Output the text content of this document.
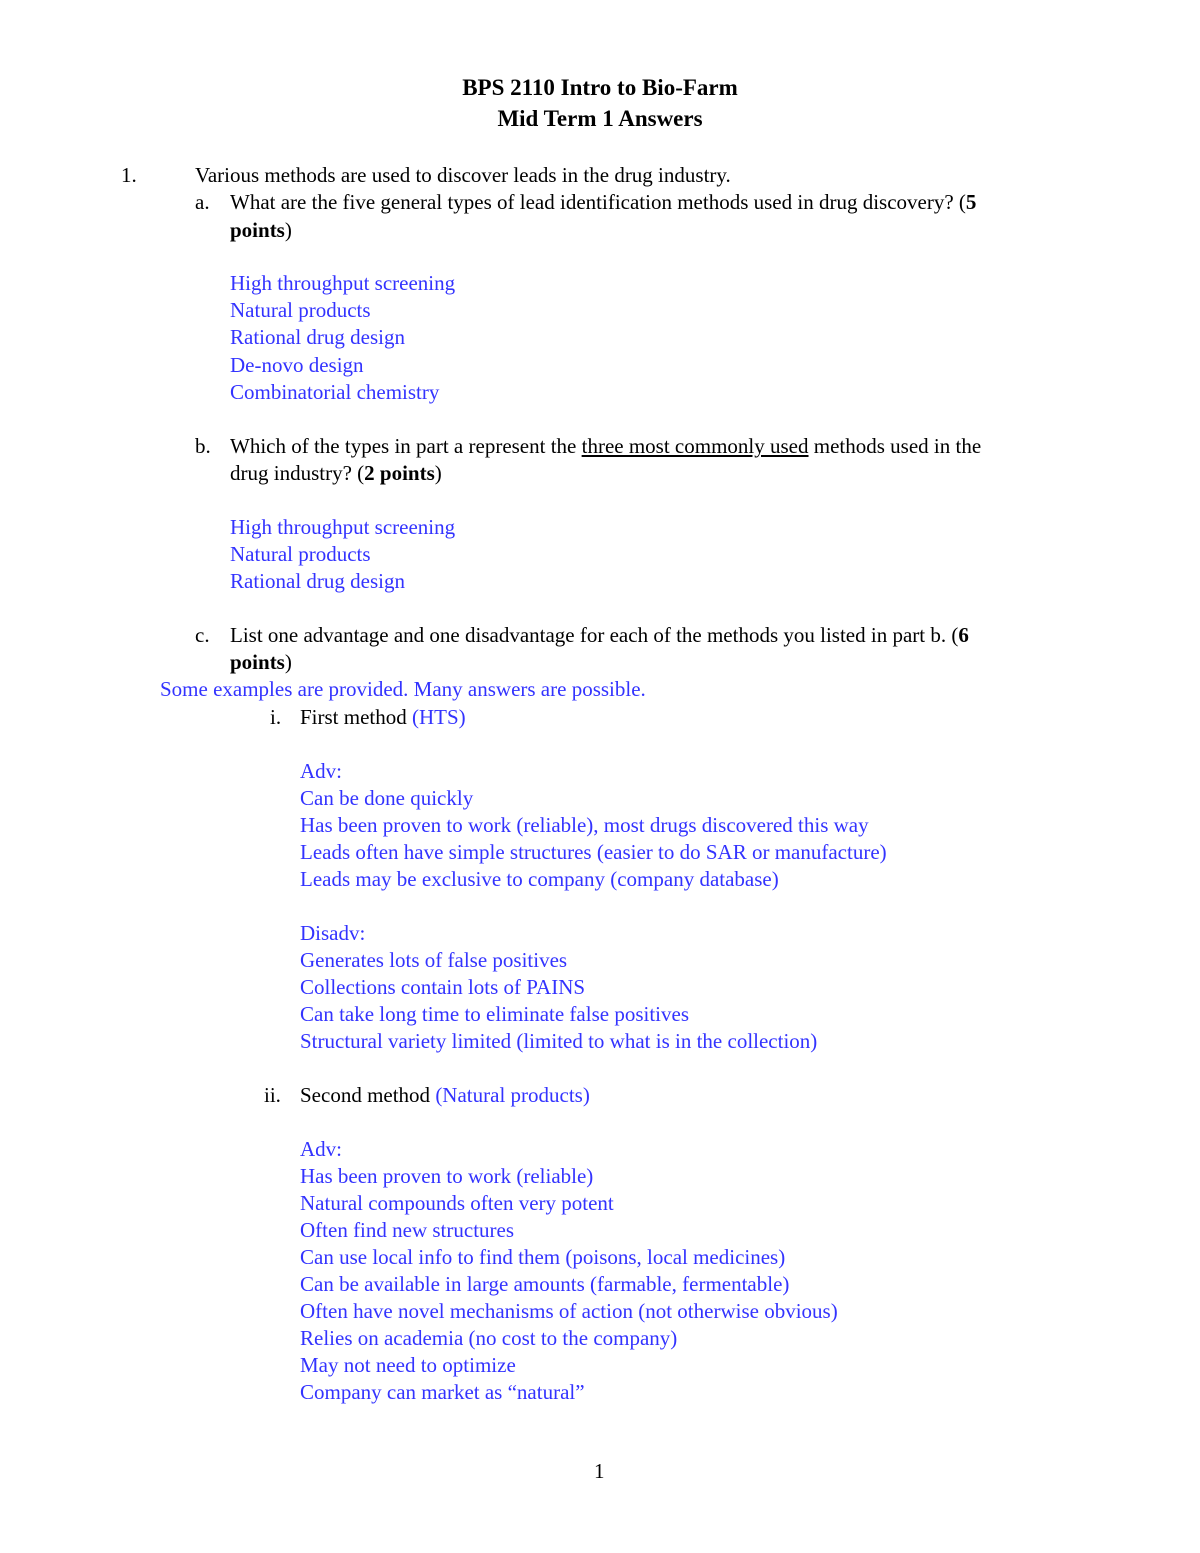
BPS 2110 Intro to Bio-Farm
Mid Term 1 Answers
1.	Various methods are used to discover leads in the drug industry.
a. What are the five general types of lead identification methods used in drug discovery? (5
points)
High throughput screening
Natural products
Rational drug design
De-novo design
Combinatorial chemistry
b. Which of the types in part a represent the three most commonly used methods used in the
drug industry? (2 points)
High throughput screening
Natural products
Rational drug design
c. List one advantage and one disadvantage for each of the methods you listed in part b. (6
points)
Some examples are provided. Many answers are possible.
i. First method (HTS)
Adv:
Can be done quickly
Has been proven to work (reliable), most drugs discovered this way
Leads often have simple structures (easier to do SAR or manufacture)
Leads may be exclusive to company (company database)
Disadv:
Generates lots of false positives
Collections contain lots of PAINS
Can take long time to eliminate false positives
Structural variety limited (limited to what is in the collection)
ii. Second method (Natural products)
Adv:
Has been proven to work (reliable)
Natural compounds often very potent
Often find new structures
Can use local info to find them (poisons, local medicines)
Can be available in large amounts (farmable, fermentable)
Often have novel mechanisms of action (not otherwise obvious)
Relies on academia (no cost to the company)
May not need to optimize
Company can market as “natural”
1
